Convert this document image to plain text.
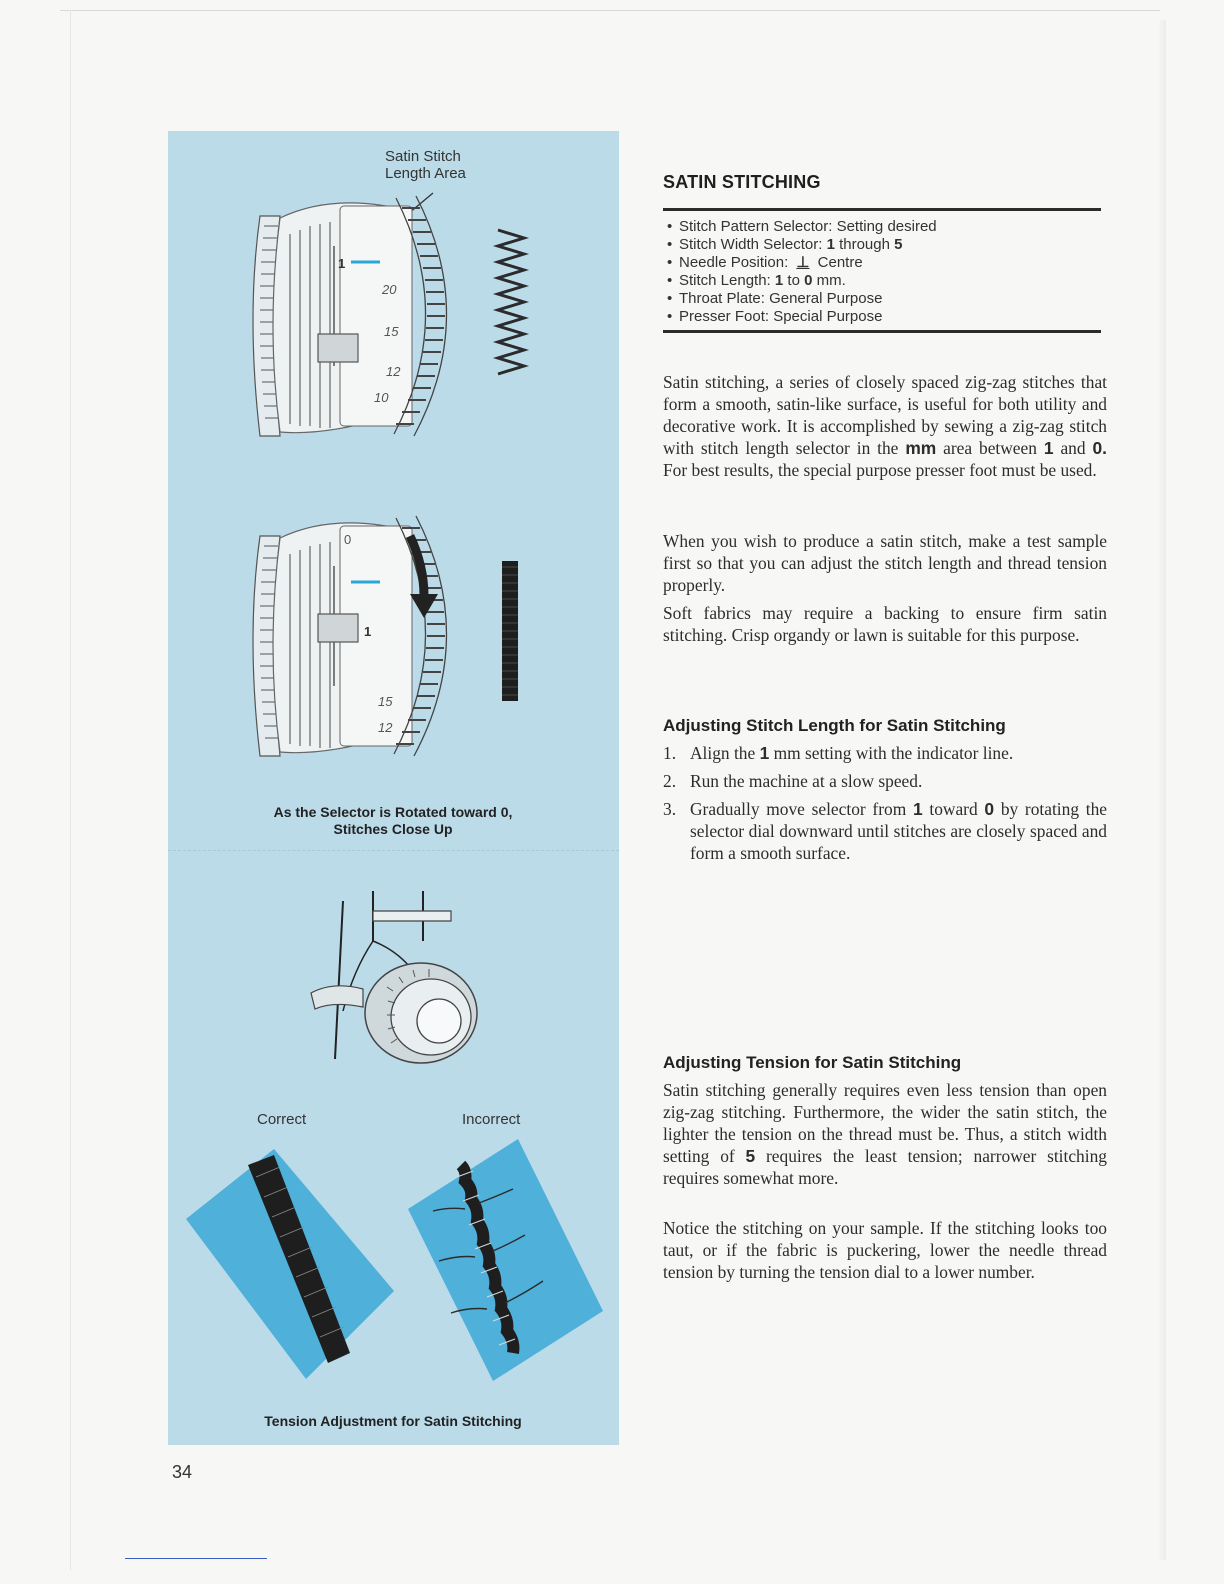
Satin Stitch
Length Area
1
20
15
12
10
0
1
15
12
As the Selector is Rotated toward 0,
Stitches Close Up
Correct	Incorrect
Tension Adjustment for Satin Stitching
SATIN STITCHING
• Stitch Pattern Selector: Setting desired
• Stitch Width Selector: 1 through 5
• Needle Position: ⊥ Centre
• Stitch Length: 1 to 0 mm.
• Throat Plate: General Purpose
• Presser Foot: Special Purpose

Satin stitching, a series of closely spaced zig-zag stitches that form a smooth, satin-like surface, is useful for both utility and decorative work. It is accomplished by sewing a zig-zag stitch with stitch length selector in the mm area between 1 and 0. For best results, the special purpose presser foot must be used.

When you wish to produce a satin stitch, make a test sample first so that you can adjust the stitch length and thread tension properly.

Soft fabrics may require a backing to ensure firm satin stitching. Crisp organdy or lawn is suitable for this purpose.

Adjusting Stitch Length for Satin Stitching
1. Align the 1 mm setting with the indicator line.
2. Run the machine at a slow speed.
3. Gradually move selector from 1 toward 0 by rotating the selector dial downward until stitches are closely spaced and form a smooth surface.
Adjusting Tension for Satin Stitching

Satin stitching generally requires even less tension than open zig-zag stitching. Furthermore, the wider the satin stitch, the lighter the tension on the thread must be. Thus, a stitch width setting of 5 requires the least tension; narrower stitching requires somewhat more.

Notice the stitching on your sample. If the stitching looks too taut, or if the fabric is puckering, lower the needle thread tension by turning the tension dial to a lower number.

34
